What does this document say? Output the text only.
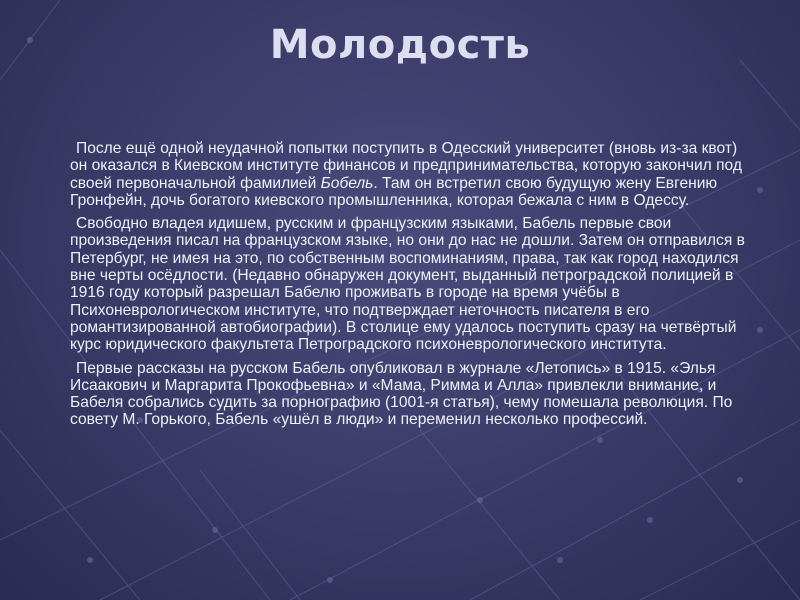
Молодость

После ещё одной неудачной попытки поступить в Одесский университет (вновь из-за квот) он оказался в Киевском институте финансов и предпринимательства, которую закончил под своей первоначальной фамилией Бобель. Там он встретил свою будущую жену Евгению Гронфейн, дочь богатого киевского промышленника, которая бежала с ним в Одессу.

Свободно владея идишем, русским и французским языками, Бабель первые свои произведения писал на французском языке, но они до нас не дошли. Затем он отправился в Петербург, не имея на это, по собственным воспоминаниям, права, так как город находился вне черты осёдлости. (Недавно обнаружен документ, выданный петроградской полицией в 1916 году который разрешал Бабелю проживать в городе на время учёбы в Психоневрологическом институте, что подтверждает неточность писателя в его романтизированной автобиографии). В столице ему удалось поступить сразу на четвёртый курс юридического факультета Петроградского психоневрологического института.

Первые рассказы на русском Бабель опубликовал в журнале «Летопись» в 1915. «Элья Исаакович и Маргарита Прокофьевна» и «Мама, Римма и Алла» привлекли внимание, и Бабеля собрались судить за порнографию (1001-я статья), чему помешала революция. По совету М. Горького, Бабель «ушёл в люди» и переменил несколько профессий.
